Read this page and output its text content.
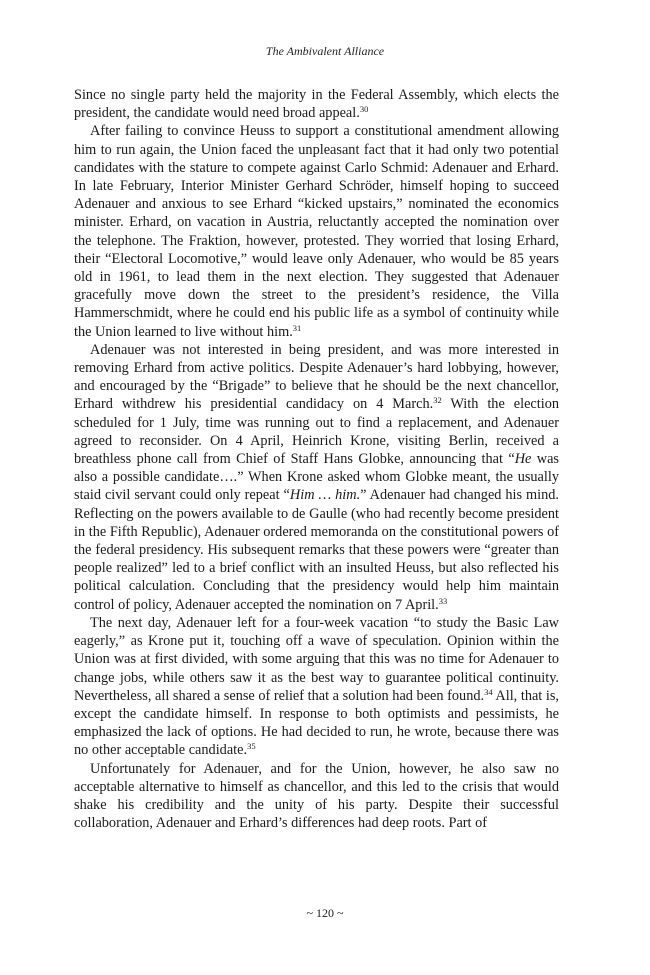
The Ambivalent Alliance

Since no single party held the majority in the Federal Assembly, which elects the president, the candidate would need broad appeal.$^{30}$

After failing to convince Heuss to support a constitutional amendment allowing him to run again, the Union faced the unpleasant fact that it had only two potential candidates with the stature to compete against Carlo Schmid: Adenauer and Erhard. In late February, Interior Minister Gerhard Schröder, himself hoping to succeed Adenauer and anxious to see Erhard “kicked upstairs,” nominated the economics minister. Erhard, on vacation in Austria, reluctantly accepted the nomination over the telephone. The Fraktion, however, protested. They worried that losing Erhard, their “Electoral Locomotive,” would leave only Adenauer, who would be 85 years old in 1961, to lead them in the next election. They suggested that Adenauer gracefully move down the street to the president’s residence, the Villa Hammerschmidt, where he could end his public life as a symbol of continuity while the Union learned to live without him.$^{31}$

Adenauer was not interested in being president, and was more interested in removing Erhard from active politics. Despite Adenauer’s hard lobbying, however, and encouraged by the “Brigade” to believe that he should be the next chancellor, Erhard withdrew his presidential candidacy on 4 March.$^{32}$ With the election scheduled for 1 July, time was running out to find a replacement, and Adenauer agreed to reconsider. On 4 April, Heinrich Krone, visiting Berlin, received a breathless phone call from Chief of Staff Hans Globke, announcing that “He was also a possible candidate….” When Krone asked whom Globke meant, the usually staid civil servant could only repeat “Him … him.” Adenauer had changed his mind. Reflecting on the powers available to de Gaulle (who had recently become president in the Fifth Republic), Adenauer ordered memoranda on the constitutional powers of the federal presidency. His subsequent remarks that these powers were “greater than people realized” led to a brief conflict with an insulted Heuss, but also reflected his political calculation. Concluding that the presidency would help him maintain control of policy, Adenauer accepted the nomination on 7 April.$^{33}$

The next day, Adenauer left for a four-week vacation “to study the Basic Law eagerly,” as Krone put it, touching off a wave of speculation. Opinion within the Union was at first divided, with some arguing that this was no time for Adenauer to change jobs, while others saw it as the best way to guarantee political continuity. Nevertheless, all shared a sense of relief that a solution had been found.$^{34}$ All, that is, except the candidate himself. In response to both optimists and pessimists, he emphasized the lack of options. He had decided to run, he wrote, because there was no other acceptable candidate.$^{35}$

Unfortunately for Adenauer, and for the Union, however, he also saw no acceptable alternative to himself as chancellor, and this led to the crisis that would shake his credibility and the unity of his party. Despite their successful collaboration, Adenauer and Erhard’s differences had deep roots. Part of

~ 120 ~
